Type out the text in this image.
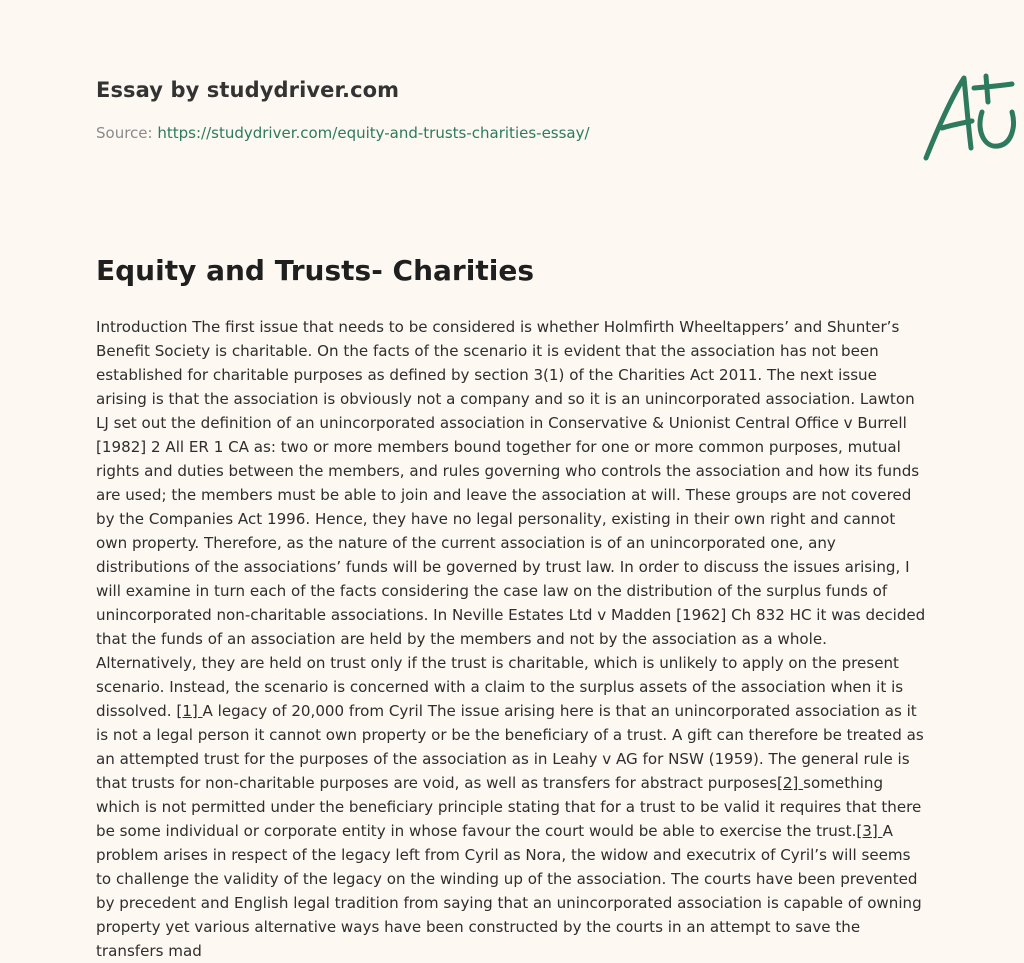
Essay by studydriver.com
Source: https://studydriver.com/equity-and-trusts-charities-essay/
Equity and Trusts- Charities

Introduction The first issue that needs to be considered is whether Holmfirth Wheeltappers’ and Shunter’s Benefit Society is charitable. On the facts of the scenario it is evident that the association has not been established for charitable purposes as defined by section 3(1) of the Charities Act 2011. The next issue arising is that the association is obviously not a company and so it is an unincorporated association. Lawton LJ set out the definition of an unincorporated association in Conservative & Unionist Central Office v Burrell [1982] 2 All ER 1 CA as: two or more members bound together for one or more common purposes, mutual rights and duties between the members, and rules governing who controls the association and how its funds are used; the members must be able to join and leave the association at will. These groups are not covered by the Companies Act 1996. Hence, they have no legal personality, existing in their own right and cannot own property. Therefore, as the nature of the current association is of an unincorporated one, any distributions of the associations’ funds will be governed by trust law. In order to discuss the issues arising, I will examine in turn each of the facts considering the case law on the distribution of the surplus funds of unincorporated non-charitable associations. In Neville Estates Ltd v Madden [1962] Ch 832 HC it was decided that the funds of an association are held by the members and not by the association as a whole. Alternatively, they are held on trust only if the trust is charitable, which is unlikely to apply on the present scenario. Instead, the scenario is concerned with a claim to the surplus assets of the association when it is dissolved. [1] A legacy of 20,000 from Cyril The issue arising here is that an unincorporated association as it is not a legal person it cannot own property or be the beneficiary of a trust. A gift can therefore be treated as an attempted trust for the purposes of the association as in Leahy v AG for NSW (1959). The general rule is that trusts for non-charitable purposes are void, as well as transfers for abstract purposes[2] something which is not permitted under the beneficiary principle stating that for a trust to be valid it requires that there be some individual or corporate entity in whose favour the court would be able to exercise the trust.[3] A problem arises in respect of the legacy left from Cyril as Nora, the widow and executrix of Cyril’s will seems to challenge the validity of the legacy on the winding up of the association. The courts have been prevented by precedent and English legal tradition from saying that an unincorporated association is capable of owning property yet various alternative ways have been constructed by the courts in an attempt to save the transfers mad
